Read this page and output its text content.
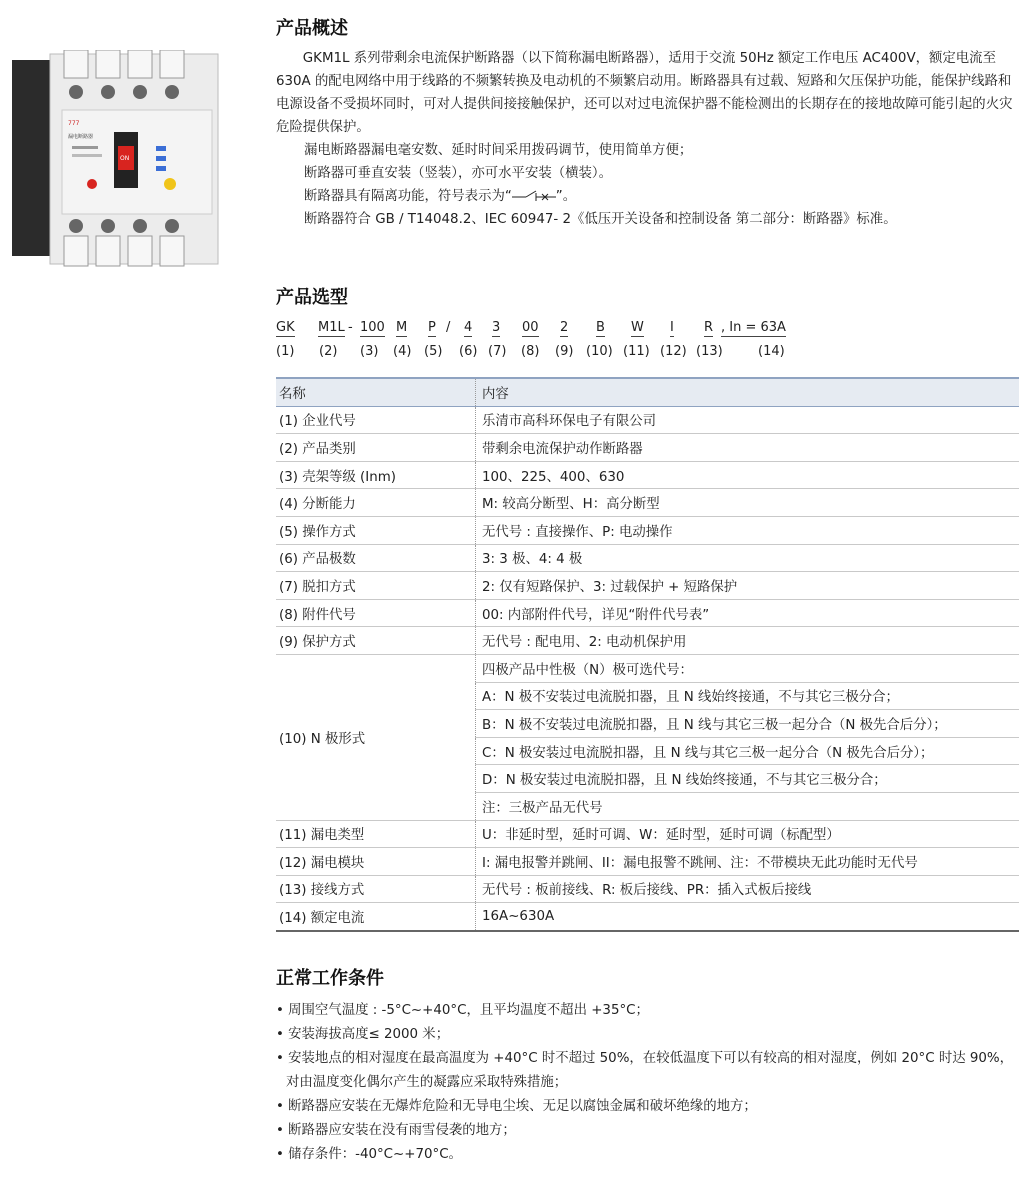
777
漏电断路器
ON
产品概述

GKM1L 系列带剩余电流保护断路器（以下简称漏电断路器），适用于交流 50Hz 额定工作电压 AC400V，额定电流至 630A 的配电网络中用于线路的不频繁转换及电动机的不频繁启动用。断路器具有过载、短路和欠压保护功能，能保护线路和电源设备不受损坏同时，可对人提供间接接触保护，还可以对过电流保护器不能检测出的长期存在的接地故障可能引起的火灾危险提供保护。

漏电断路器漏电毫安数、延时时间采用拨码调节，使用简单方便；

断路器可垂直安装（竖装），亦可水平安装（横装）。

断路器具有隔离功能，符号表示为“	”。

断路器符合 GB / T14048.2、IEC 60947- 2《低压开关设备和控制设备 第二部分：断路器》标准。

产品选型
GK M1L - 100 M P / 4 3 00 2 B W I R , In = 63A
(1) (2) (3) (4) (5) (6) (7) (8) (9) (10) (11) (12) (13)	(14)
名称	内容
(1) 企业代号	乐清市高科环保电子有限公司
(2) 产品类别	带剩余电流保护动作断路器
(3) 壳架等级 (Inm)	100、225、400、630
(4) 分断能力	M: 较高分断型、H：高分断型
(5) 操作方式	无代号 : 直接操作、P: 电动操作
(6) 产品极数	3: 3 极、4: 4 极
(7) 脱扣方式	2: 仅有短路保护、3: 过载保护 + 短路保护
(8) 附件代号	00: 内部附件代号，详见“附件代号表”
(9) 保护方式	无代号 : 配电用、2: 电动机保护用
(10) N 极形式	四极产品中性极（N）极可选代号：
	A：N 极不安装过电流脱扣器，且 N 线始终接通，不与其它三极分合；
	B：N 极不安装过电流脱扣器，且 N 线与其它三极一起分合（N 极先合后分）；
	C：N 极安装过电流脱扣器，且 N 线与其它三极一起分合（N 极先合后分）；
	D：N 极安装过电流脱扣器，且 N 线始终接通，不与其它三极分合；
	注：三极产品无代号
(11) 漏电类型	U：非延时型，延时可调、W：延时型，延时可调（标配型）
(12) 漏电模块	I: 漏电报警并跳闸、II：漏电报警不跳闸、注：不带模块无此功能时无代号
(13) 接线方式	无代号 : 板前接线、R: 板后接线、PR：插入式板后接线
(14) 额定电流	16A~630A
正常工作条件
• 周围空气温度 : -5°C~+40°C，且平均温度不超出 +35°C；
• 安装海拔高度≤ 2000 米；
• 安装地点的相对湿度在最高温度为 +40°C 时不超过 50%，在较低温度下可以有较高的相对湿度，例如 20°C 时达 90%，对由温度变化偶尔产生的凝露应采取特殊措施；
• 断路器应安装在无爆炸危险和无导电尘埃、无足以腐蚀金属和破坏绝缘的地方；
• 断路器应安装在没有雨雪侵袭的地方；
• 储存条件：-40°C~+70°C。
